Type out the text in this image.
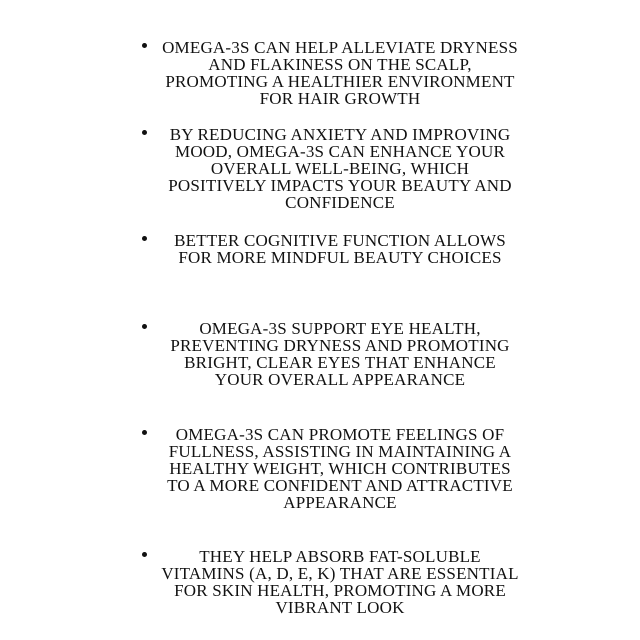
OMEGA-3S CAN HELP ALLEVIATE DRYNESS AND FLAKINESS ON THE SCALP, PROMOTING A HEALTHIER ENVIRONMENT FOR HAIR GROWTH
BY REDUCING ANXIETY AND IMPROVING MOOD, OMEGA-3S CAN ENHANCE YOUR OVERALL WELL-BEING, WHICH POSITIVELY IMPACTS YOUR BEAUTY AND CONFIDENCE
BETTER COGNITIVE FUNCTION ALLOWS FOR MORE MINDFUL BEAUTY CHOICES
OMEGA-3S SUPPORT EYE HEALTH, PREVENTING DRYNESS AND PROMOTING BRIGHT, CLEAR EYES THAT ENHANCE YOUR OVERALL APPEARANCE
OMEGA-3S CAN PROMOTE FEELINGS OF FULLNESS, ASSISTING IN MAINTAINING A HEALTHY WEIGHT, WHICH CONTRIBUTES TO A MORE CONFIDENT AND ATTRACTIVE APPEARANCE
THEY HELP ABSORB FAT-SOLUBLE VITAMINS (A, D, E, K) THAT ARE ESSENTIAL FOR SKIN HEALTH, PROMOTING A MORE VIBRANT LOOK
